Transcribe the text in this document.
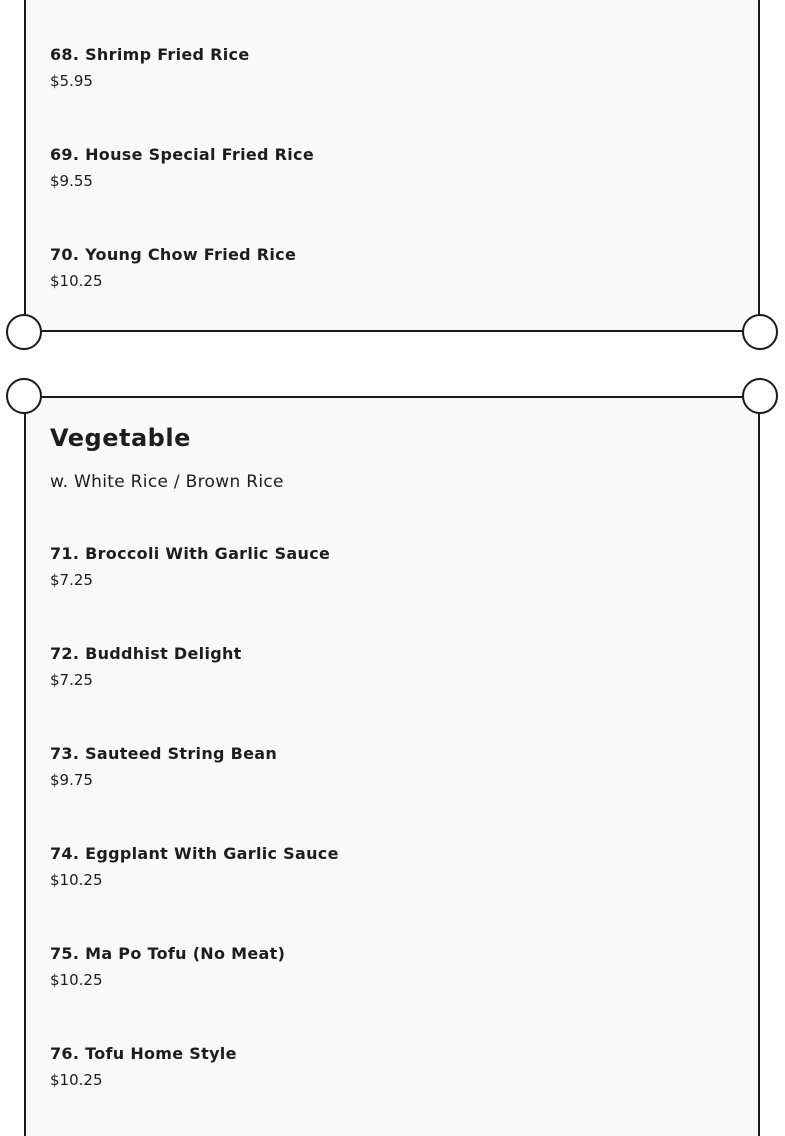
68. Shrimp Fried Rice
$5.95
69. House Special Fried Rice
$9.55
70. Young Chow Fried Rice
$10.25
Vegetable
w. White Rice / Brown Rice
71. Broccoli With Garlic Sauce
$7.25
72. Buddhist Delight
$7.25
73. Sauteed String Bean
$9.75
74. Eggplant With Garlic Sauce
$10.25
75. Ma Po Tofu (No Meat)
$10.25
76. Tofu Home Style
$10.25
